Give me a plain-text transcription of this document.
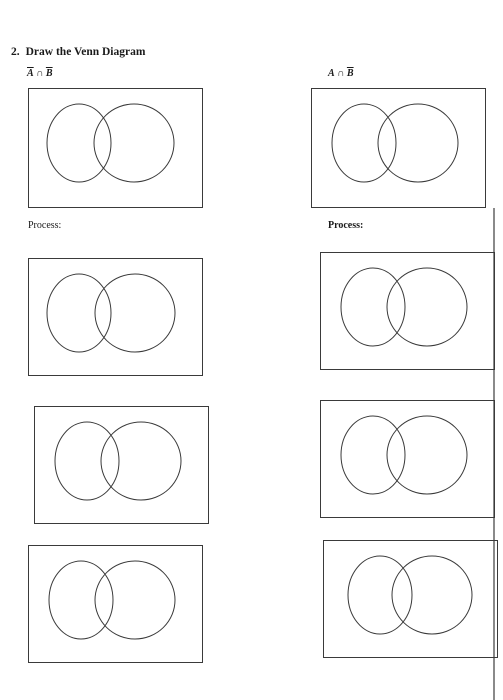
2. Draw the Venn Diagram
$\overline{A}$ ∩ $\overline{B}$	A ∩ $\overline{B}$
Process:	Process:
